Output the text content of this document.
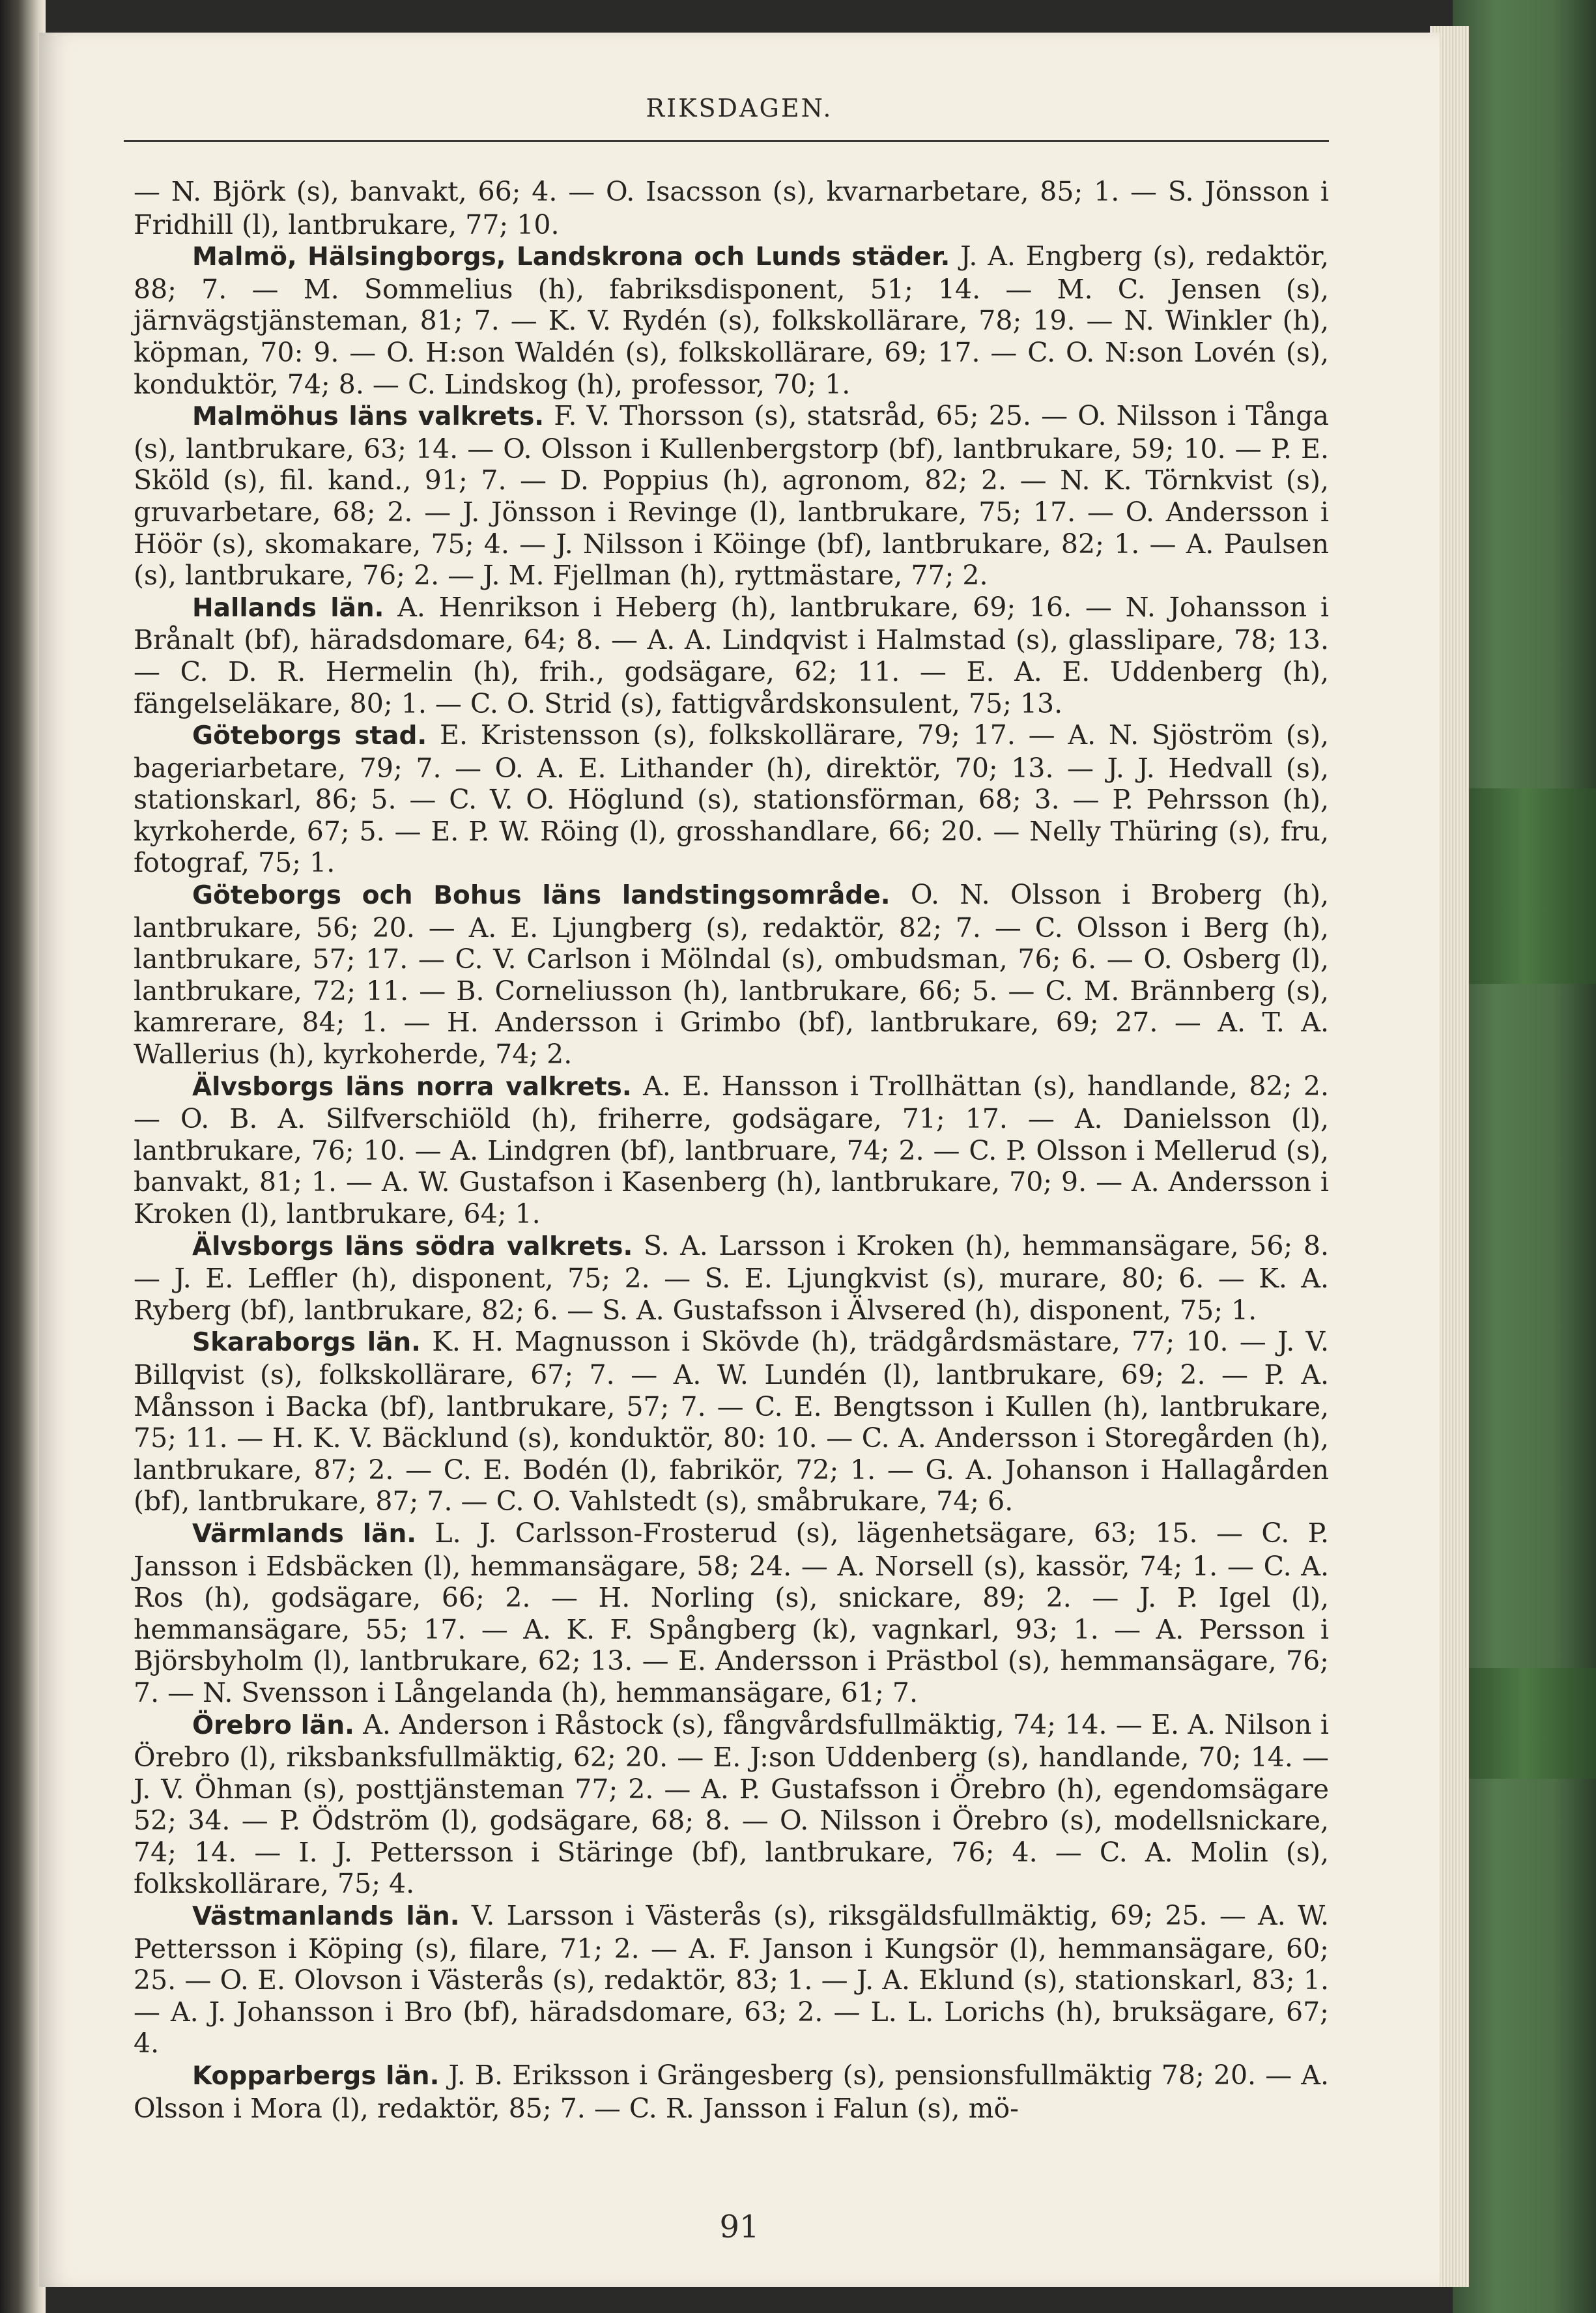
RIKSDAGEN.

— N. Björk (s), banvakt, 66; 4. — O. Isacsson (s), kvarnarbetare, 85; 1. — S. Jönsson i Fridhill (l), lantbrukare, 77; 10.

Malmö, Hälsingborgs, Landskrona och Lunds städer. J. A. Engberg (s), redaktör, 88; 7. — M. Sommelius (h), fabriksdisponent, 51; 14. — M. C. Jensen (s), järnvägstjänsteman, 81; 7. — K. V. Rydén (s), folkskollärare, 78; 19. — N. Winkler (h), köpman, 70: 9. — O. H:son Waldén (s), folkskollärare, 69; 17. — C. O. N:son Lovén (s), konduktör, 74; 8. — C. Lindskog (h), professor, 70; 1.

Malmöhus läns valkrets. F. V. Thorsson (s), statsråd, 65; 25. — O. Nilsson i Tånga (s), lantbrukare, 63; 14. — O. Olsson i Kullenbergstorp (bf), lantbrukare, 59; 10. — P. E. Sköld (s), fil. kand., 91; 7. — D. Poppius (h), agronom, 82; 2. — N. K. Törnkvist (s), gruvarbetare, 68; 2. — J. Jönsson i Revinge (l), lantbrukare, 75; 17. — O. Andersson i Höör (s), skomakare, 75; 4. — J. Nilsson i Köinge (bf), lantbrukare, 82; 1. — A. Paulsen (s), lantbrukare, 76; 2. — J. M. Fjellman (h), ryttmästare, 77; 2.

Hallands län. A. Henrikson i Heberg (h), lantbrukare, 69; 16. — N. Johansson i Brånalt (bf), häradsdomare, 64; 8. — A. A. Lindqvist i Halmstad (s), glasslipare, 78; 13. — C. D. R. Hermelin (h), frih., godsägare, 62; 11. — E. A. E. Uddenberg (h), fängelseläkare, 80; 1. — C. O. Strid (s), fattigvårdskonsulent, 75; 13.

Göteborgs stad. E. Kristensson (s), folkskollärare, 79; 17. — A. N. Sjöström (s), bageriarbetare, 79; 7. — O. A. E. Lithander (h), direktör, 70; 13. — J. J. Hedvall (s), stationskarl, 86; 5. — C. V. O. Höglund (s), stationsförman, 68; 3. — P. Pehrsson (h), kyrkoherde, 67; 5. — E. P. W. Röing (l), grosshandlare, 66; 20. — Nelly Thüring (s), fru, fotograf, 75; 1.

Göteborgs och Bohus läns landstingsområde. O. N. Olsson i Broberg (h), lantbrukare, 56; 20. — A. E. Ljungberg (s), redaktör, 82; 7. — C. Olsson i Berg (h), lantbrukare, 57; 17. — C. V. Carlson i Mölndal (s), ombudsman, 76; 6. — O. Osberg (l), lantbrukare, 72; 11. — B. Corneliusson (h), lantbrukare, 66; 5. — C. M. Brännberg (s), kamrerare, 84; 1. — H. Andersson i Grimbo (bf), lantbrukare, 69; 27. — A. T. A. Wallerius (h), kyrkoherde, 74; 2.

Älvsborgs läns norra valkrets. A. E. Hansson i Trollhättan (s), handlande, 82; 2. — O. B. A. Silfverschiöld (h), friherre, godsägare, 71; 17. — A. Danielsson (l), lantbrukare, 76; 10. — A. Lindgren (bf), lantbruare, 74; 2. — C. P. Olsson i Mellerud (s), banvakt, 81; 1. — A. W. Gustafson i Kasenberg (h), lantbrukare, 70; 9. — A. Andersson i Kroken (l), lantbrukare, 64; 1.

Älvsborgs läns södra valkrets. S. A. Larsson i Kroken (h), hemmansägare, 56; 8. — J. E. Leffler (h), disponent, 75; 2. — S. E. Ljungkvist (s), murare, 80; 6. — K. A. Ryberg (bf), lantbrukare, 82; 6. — S. A. Gustafsson i Älvsered (h), disponent, 75; 1.

Skaraborgs län. K. H. Magnusson i Skövde (h), trädgårdsmästare, 77; 10. — J. V. Billqvist (s), folkskollärare, 67; 7. — A. W. Lundén (l), lantbrukare, 69; 2. — P. A. Månsson i Backa (bf), lantbrukare, 57; 7. — C. E. Bengtsson i Kullen (h), lantbrukare, 75; 11. — H. K. V. Bäcklund (s), konduktör, 80: 10. — C. A. Andersson i Storegården (h), lantbrukare, 87; 2. — C. E. Bodén (l), fabrikör, 72; 1. — G. A. Johanson i Hallagården (bf), lantbrukare, 87; 7. — C. O. Vahlstedt (s), småbrukare, 74; 6.

Värmlands län. L. J. Carlsson-Frosterud (s), lägenhetsägare, 63; 15. — C. P. Jansson i Edsbäcken (l), hemmansägare, 58; 24. — A. Norsell (s), kassör, 74; 1. — C. A. Ros (h), godsägare, 66; 2. — H. Norling (s), snickare, 89; 2. — J. P. Igel (l), hemmansägare, 55; 17. — A. K. F. Spångberg (k), vagnkarl, 93; 1. — A. Persson i Björsbyholm (l), lantbrukare, 62; 13. — E. Andersson i Prästbol (s), hemmansägare, 76; 7. — N. Svensson i Långelanda (h), hemmansägare, 61; 7.

Örebro län. A. Anderson i Råstock (s), fångvårdsfullmäktig, 74; 14. — E. A. Nilson i Örebro (l), riksbanksfullmäktig, 62; 20. — E. J:son Uddenberg (s), handlande, 70; 14. — J. V. Öhman (s), posttjänsteman 77; 2. — A. P. Gustafsson i Örebro (h), egendomsägare 52; 34. — P. Ödström (l), godsägare, 68; 8. — O. Nilsson i Örebro (s), modellsnickare, 74; 14. — I. J. Pettersson i Stäringe (bf), lantbrukare, 76; 4. — C. A. Molin (s), folkskollärare, 75; 4.

Västmanlands län. V. Larsson i Västerås (s), riksgäldsfullmäktig, 69; 25. — A. W. Pettersson i Köping (s), filare, 71; 2. — A. F. Janson i Kungsör (l), hemmansägare, 60; 25. — O. E. Olovson i Västerås (s), redaktör, 83; 1. — J. A. Eklund (s), stationskarl, 83; 1. — A. J. Johansson i Bro (bf), häradsdomare, 63; 2. — L. L. Lorichs (h), bruksägare, 67; 4.

Kopparbergs län. J. B. Eriksson i Grängesberg (s), pensionsfullmäktig 78; 20. — A. Olsson i Mora (l), redaktör, 85; 7. — C. R. Jansson i Falun (s), mö-

91
